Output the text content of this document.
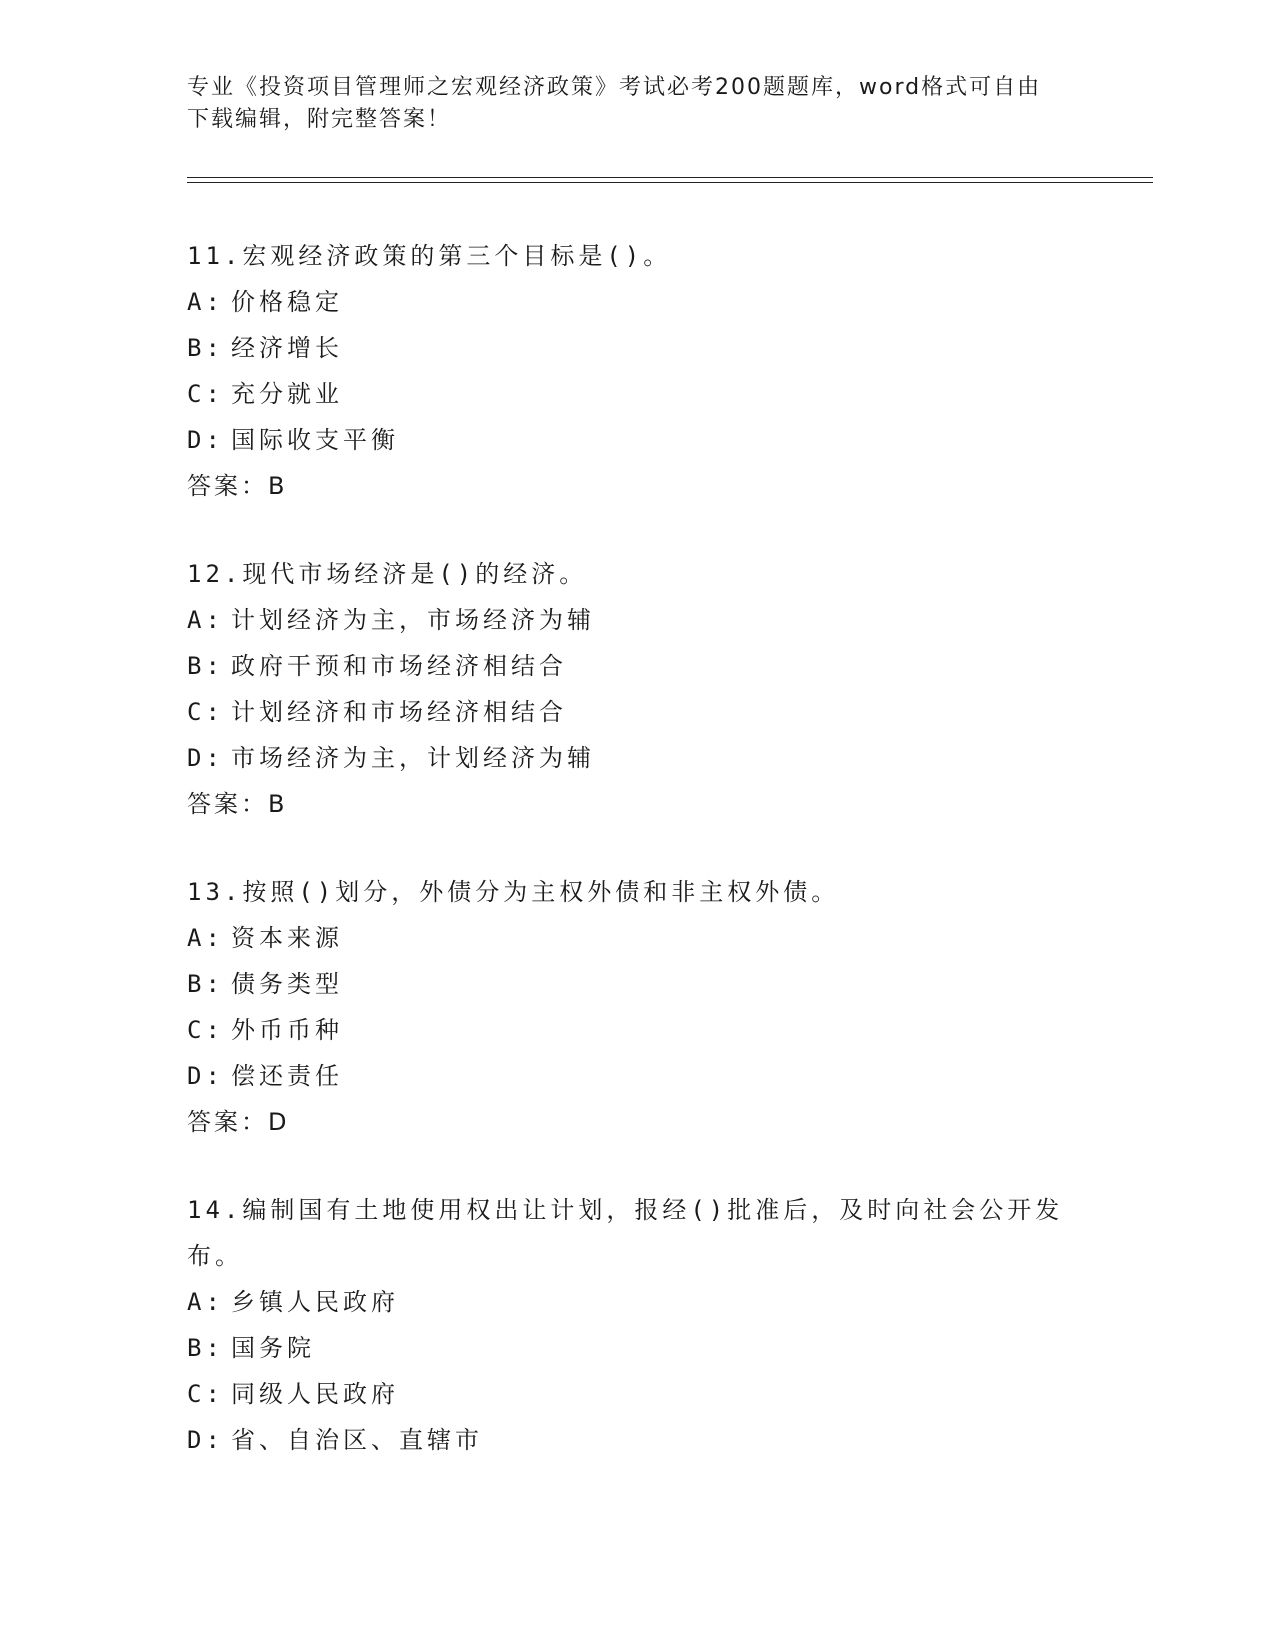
专业《投资项目管理师之宏观经济政策》考试必考200题题库，word格式可自由
下载编辑，附完整答案！
11.宏观经济政策的第三个目标是()。
A: 价格稳定
B: 经济增长
C: 充分就业
D: 国际收支平衡
答案：B
12.现代市场经济是()的经济。
A: 计划经济为主，市场经济为辅
B: 政府干预和市场经济相结合
C: 计划经济和市场经济相结合
D: 市场经济为主，计划经济为辅
答案：B
13.按照()划分，外债分为主权外债和非主权外债。
A: 资本来源
B: 债务类型
C: 外币币种
D: 偿还责任
答案：D
14.编制国有土地使用权出让计划，报经()批准后，及时向社会公开发布。
A: 乡镇人民政府
B: 国务院
C: 同级人民政府
D: 省、自治区、直辖市
